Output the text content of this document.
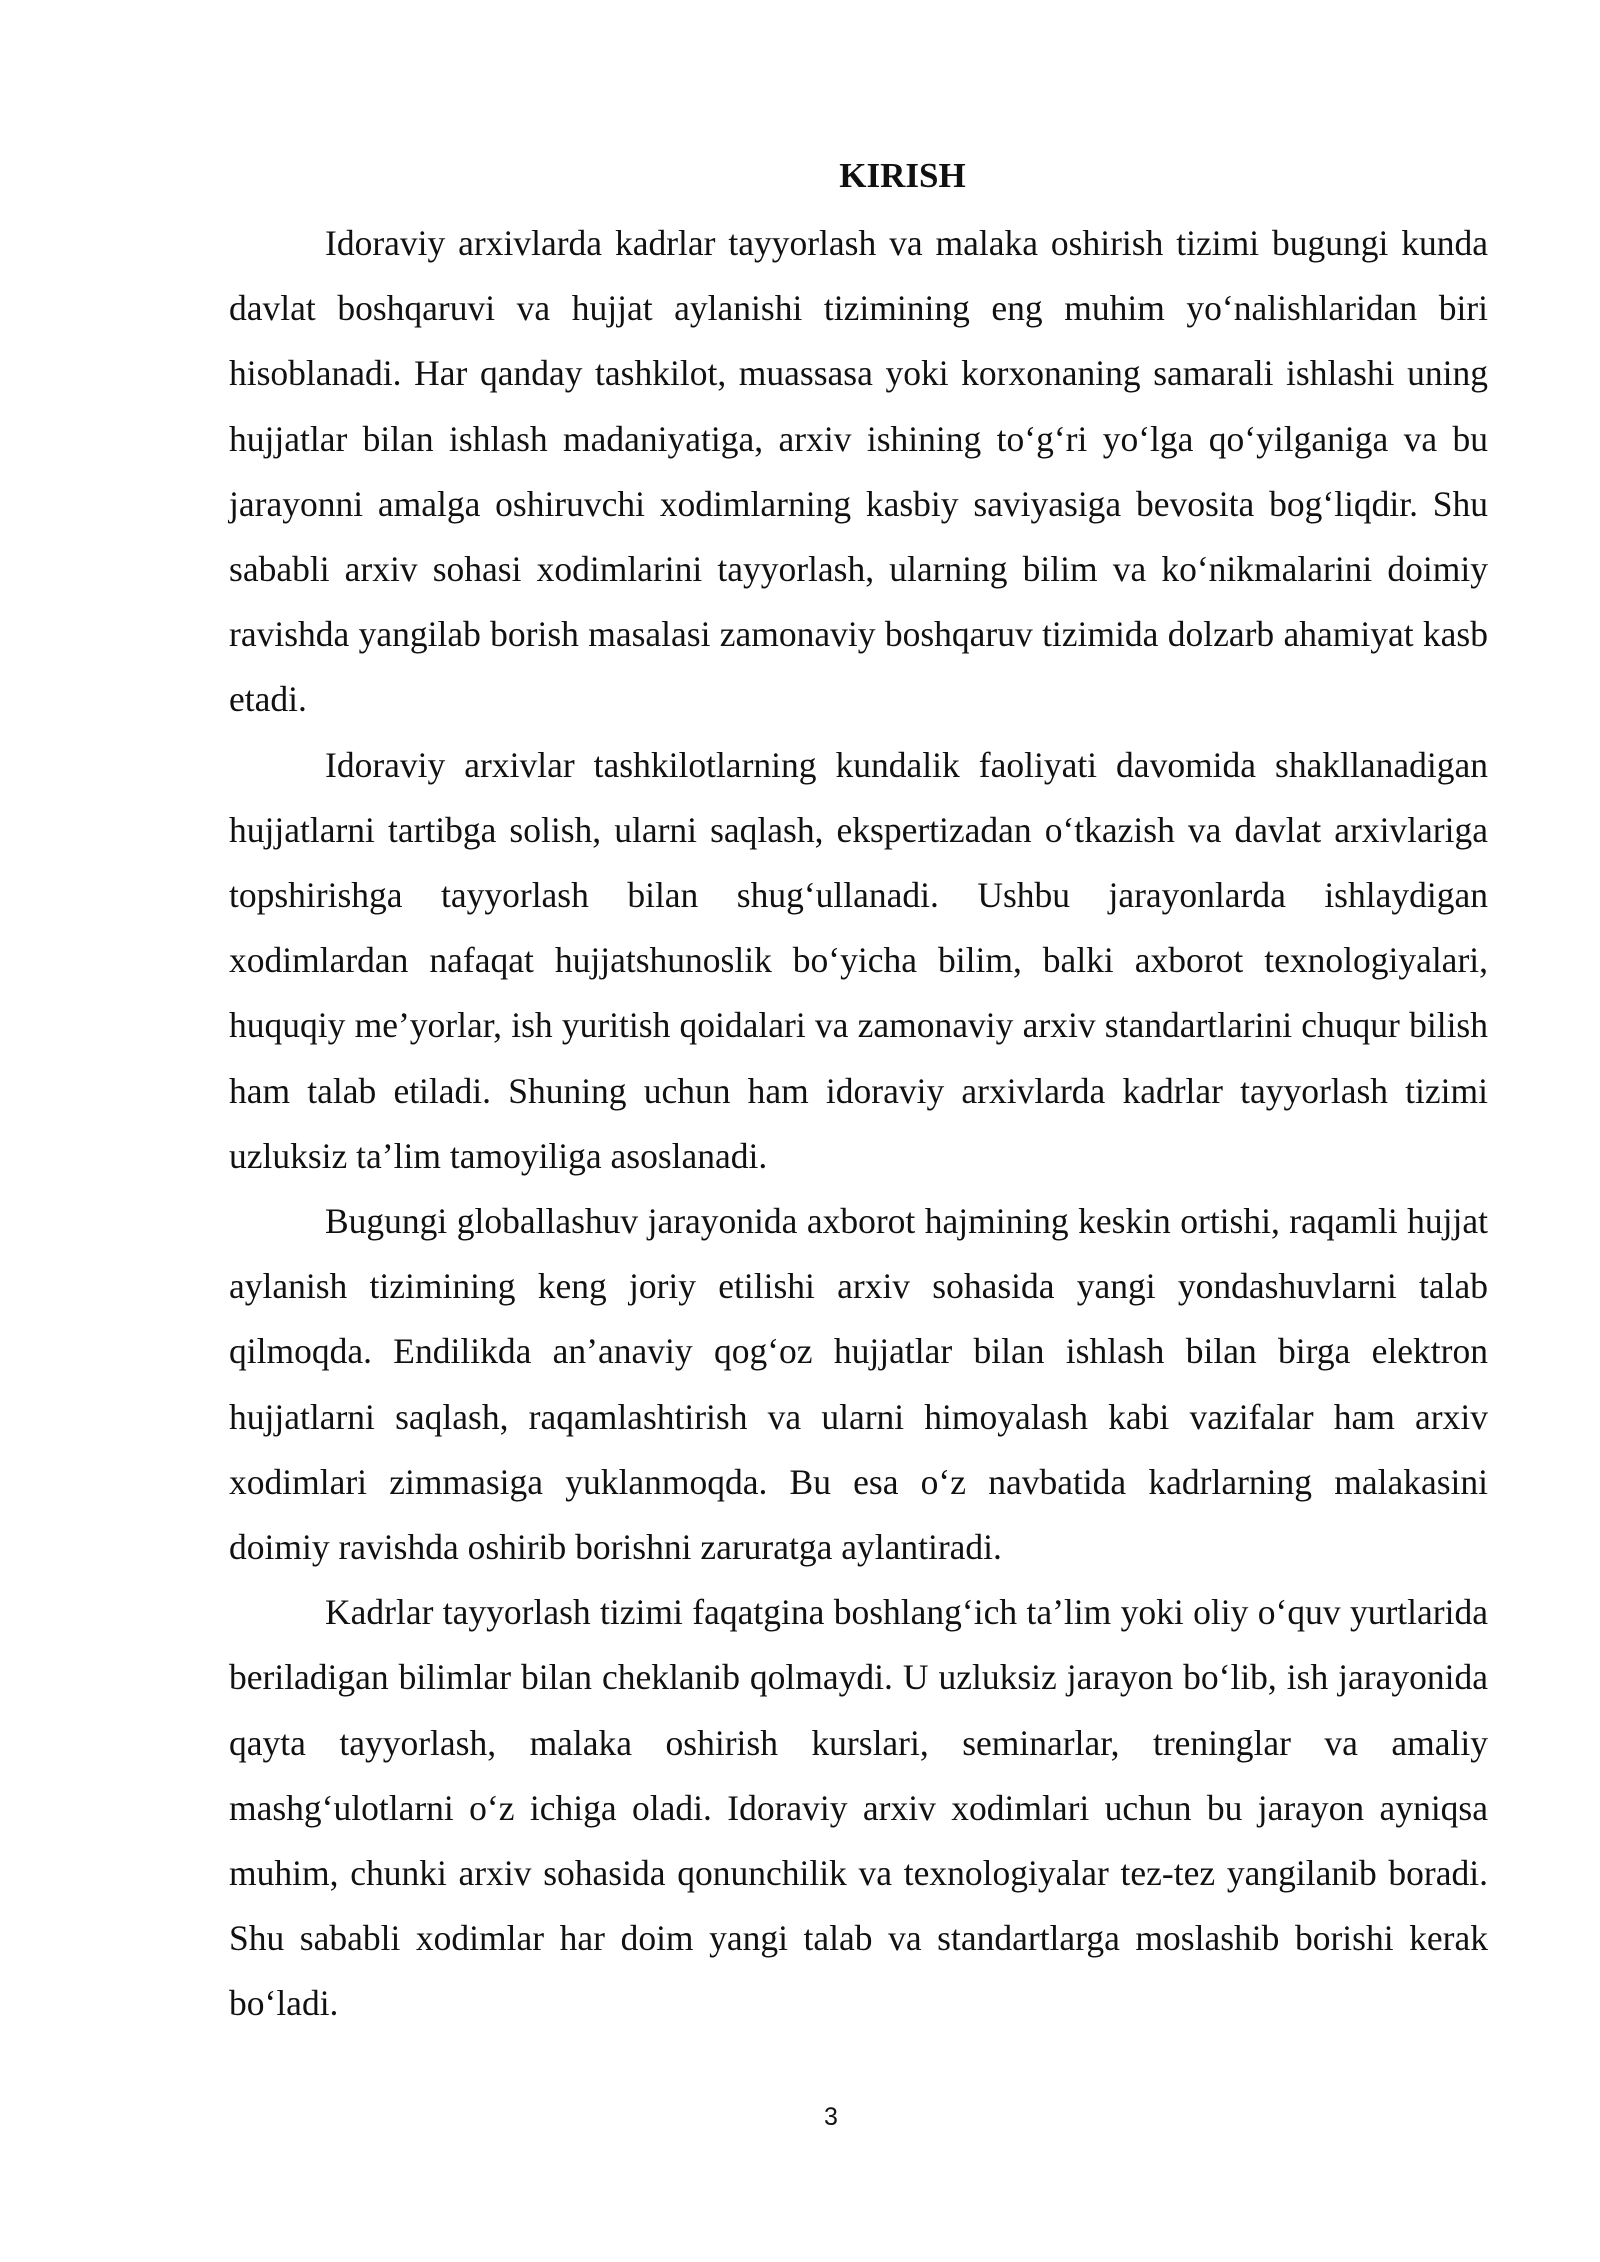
KIRISH

Idoraviy arxivlarda kadrlar tayyorlash va malaka oshirish tizimi bugungi kunda davlat boshqaruvi va hujjat aylanishi tizimining eng muhim yo‘nalishlaridan biri hisoblanadi. Har qanday tashkilot, muassasa yoki korxonaning samarali ishlashi uning hujjatlar bilan ishlash madaniyatiga, arxiv ishining to‘g‘ri yo‘lga qo‘yilganiga va bu jarayonni amalga oshiruvchi xodimlarning kasbiy saviyasiga bevosita bog‘liqdir. Shu sababli arxiv sohasi xodimlarini tayyorlash, ularning bilim va ko‘nikmalarini doimiy ravishda yangilab borish masalasi zamonaviy boshqaruv tizimida dolzarb ahamiyat kasb etadi.

Idoraviy arxivlar tashkilotlarning kundalik faoliyati davomida shakllanadigan hujjatlarni tartibga solish, ularni saqlash, ekspertizadan o‘tkazish va davlat arxivlariga topshirishga tayyorlash bilan shug‘ullanadi. Ushbu jarayonlarda ishlaydigan xodimlardan nafaqat hujjatshunoslik bo‘yicha bilim, balki axborot texnologiyalari, huquqiy me’yorlar, ish yuritish qoidalari va zamonaviy arxiv standartlarini chuqur bilish ham talab etiladi. Shuning uchun ham idoraviy arxivlarda kadrlar tayyorlash tizimi uzluksiz ta’lim tamoyiliga asoslanadi.

Bugungi globallashuv jarayonida axborot hajmining keskin ortishi, raqamli hujjat aylanish tizimining keng joriy etilishi arxiv sohasida yangi yondashuvlarni talab qilmoqda. Endilikda an’anaviy qog‘oz hujjatlar bilan ishlash bilan birga elektron hujjatlarni saqlash, raqamlashtirish va ularni himoyalash kabi vazifalar ham arxiv xodimlari zimmasiga yuklanmoqda. Bu esa o‘z navbatida kadrlarning malakasini doimiy ravishda oshirib borishni zaruratga aylantiradi.

Kadrlar tayyorlash tizimi faqatgina boshlang‘ich ta’lim yoki oliy o‘quv yurtlarida beriladigan bilimlar bilan cheklanib qolmaydi. U uzluksiz jarayon bo‘lib, ish jarayonida qayta tayyorlash, malaka oshirish kurslari, seminarlar, treninglar va amaliy mashg‘ulotlarni o‘z ichiga oladi. Idoraviy arxiv xodimlari uchun bu jarayon ayniqsa muhim, chunki arxiv sohasida qonunchilik va texnologiyalar tez-tez yangilanib boradi. Shu sababli xodimlar har doim yangi talab va standartlarga moslashib borishi kerak bo‘ladi.

3
